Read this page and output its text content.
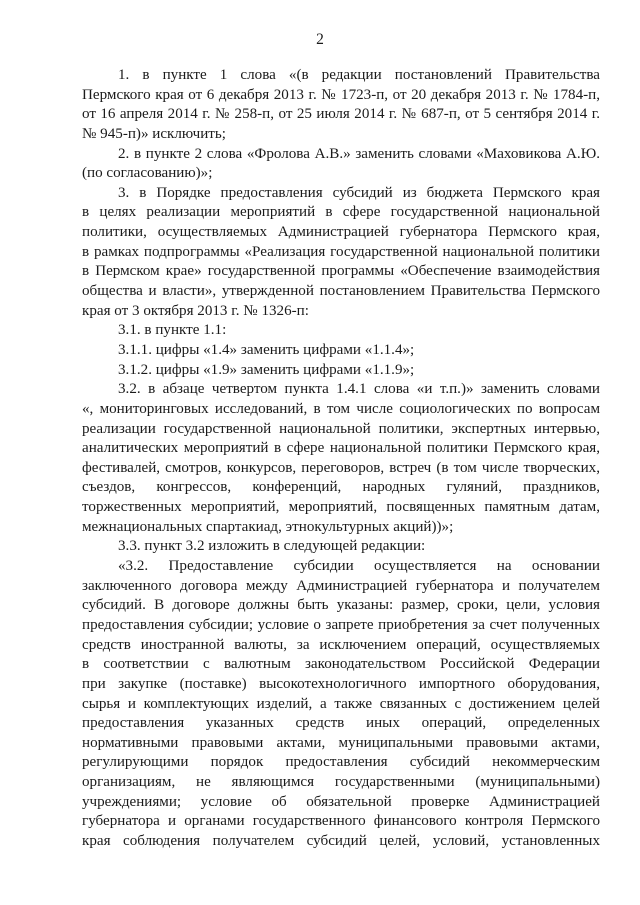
2
1. в пункте 1 слова «(в редакции постановлений Правительства
Пермского края от 6 декабря 2013 г. № 1723-п, от 20 декабря 2013 г. № 1784-п,
от 16 апреля 2014 г. № 258-п, от 25 июля 2014 г. № 687-п, от 5 сентября 2014 г.
№ 945-п)» исключить;
2. в пункте 2 слова «Фролова А.В.» заменить словами «Маховикова А.Ю.
(по согласованию)»;
3. в Порядке предоставления субсидий из бюджета Пермского края
в целях реализации мероприятий в сфере государственной национальной
политики, осуществляемых Администрацией губернатора Пермского края,
в рамках подпрограммы «Реализация государственной национальной политики
в Пермском крае» государственной программы «Обеспечение взаимодействия
общества и власти», утвержденной постановлением Правительства Пермского
края от 3 октября 2013 г. № 1326-п:
3.1. в пункте 1.1:
3.1.1. цифры «1.4» заменить цифрами «1.1.4»;
3.1.2. цифры «1.9» заменить цифрами «1.1.9»;
3.2. в абзаце четвертом пункта 1.4.1 слова «и т.п.)» заменить словами
«, мониторинговых исследований, в том числе социологических по вопросам
реализации государственной национальной политики, экспертных интервью,
аналитических мероприятий в сфере национальной политики Пермского края,
фестивалей, смотров, конкурсов, переговоров, встреч (в том числе творческих,
съездов, конгрессов, конференций, народных гуляний, праздников,
торжественных мероприятий, мероприятий, посвященных памятным датам,
межнациональных спартакиад, этнокультурных акций))»;
3.3. пункт 3.2 изложить в следующей редакции:
«3.2. Предоставление субсидии осуществляется на основании
заключенного договора между Администрацией губернатора и получателем
субсидий. В договоре должны быть указаны: размер, сроки, цели, условия
предоставления субсидии; условие о запрете приобретения за счет полученных
средств иностранной валюты, за исключением операций, осуществляемых
в соответствии с валютным законодательством Российской Федерации
при закупке (поставке) высокотехнологичного импортного оборудования,
сырья и комплектующих изделий, а также связанных с достижением целей
предоставления указанных средств иных операций, определенных
нормативными правовыми актами, муниципальными правовыми актами,
регулирующими порядок предоставления субсидий некоммерческим
организациям, не являющимся государственными (муниципальными)
учреждениями; условие об обязательной проверке Администрацией
губернатора и органами государственного финансового контроля Пермского
края соблюдения получателем субсидий целей, условий, установленных
